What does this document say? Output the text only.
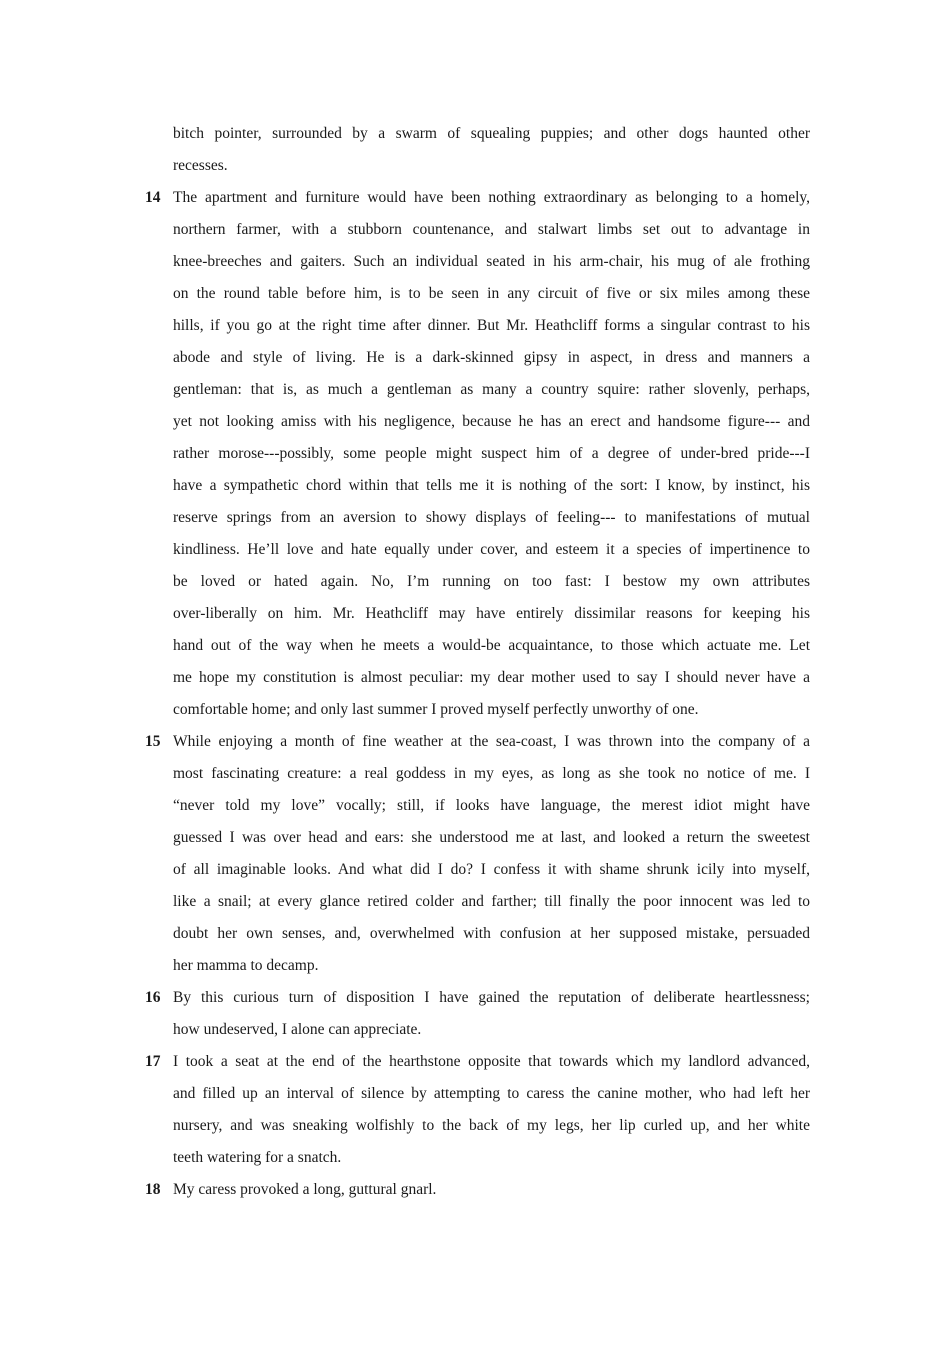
bitch pointer, surrounded by a swarm of squealing puppies; and other dogs haunted other
recesses.
14 The apartment and furniture would have been nothing extraordinary as belonging to a homely,
northern farmer, with a stubborn countenance, and stalwart limbs set out to advantage in
knee-breeches and gaiters. Such an individual seated in his arm-chair, his mug of ale frothing
on the round table before him, is to be seen in any circuit of five or six miles among these
hills, if you go at the right time after dinner. But Mr. Heathcliff forms a singular contrast to his
abode and style of living. He is a dark-skinned gipsy in aspect, in dress and manners a
gentleman: that is, as much a gentleman as many a country squire: rather slovenly, perhaps,
yet not looking amiss with his negligence, because he has an erect and handsome figure--- and
rather morose---possibly, some people might suspect him of a degree of under-bred pride---I
have a sympathetic chord within that tells me it is nothing of the sort: I know, by instinct, his
reserve springs from an aversion to showy displays of feeling--- to manifestations of mutual
kindliness. He’ll love and hate equally under cover, and esteem it a species of impertinence to
be loved or hated again. No, I’m running on too fast: I bestow my own attributes
over-liberally on him. Mr. Heathcliff may have entirely dissimilar reasons for keeping his
hand out of the way when he meets a would-be acquaintance, to those which actuate me. Let
me hope my constitution is almost peculiar: my dear mother used to say I should never have a
comfortable home; and only last summer I proved myself perfectly unworthy of one.
15 While enjoying a month of fine weather at the sea-coast, I was thrown into the company of a
most fascinating creature: a real goddess in my eyes, as long as she took no notice of me. I
“never told my love” vocally; still, if looks have language, the merest idiot might have
guessed I was over head and ears: she understood me at last, and looked a return the sweetest
of all imaginable looks. And what did I do? I confess it with shame shrunk icily into myself,
like a snail; at every glance retired colder and farther; till finally the poor innocent was led to
doubt her own senses, and, overwhelmed with confusion at her supposed mistake, persuaded
her mamma to decamp.
16 By this curious turn of disposition I have gained the reputation of deliberate heartlessness;
how undeserved, I alone can appreciate.
17 I took a seat at the end of the hearthstone opposite that towards which my landlord advanced,
and filled up an interval of silence by attempting to caress the canine mother, who had left her
nursery, and was sneaking wolfishly to the back of my legs, her lip curled up, and her white
teeth watering for a snatch.
18 My caress provoked a long, guttural gnarl.
